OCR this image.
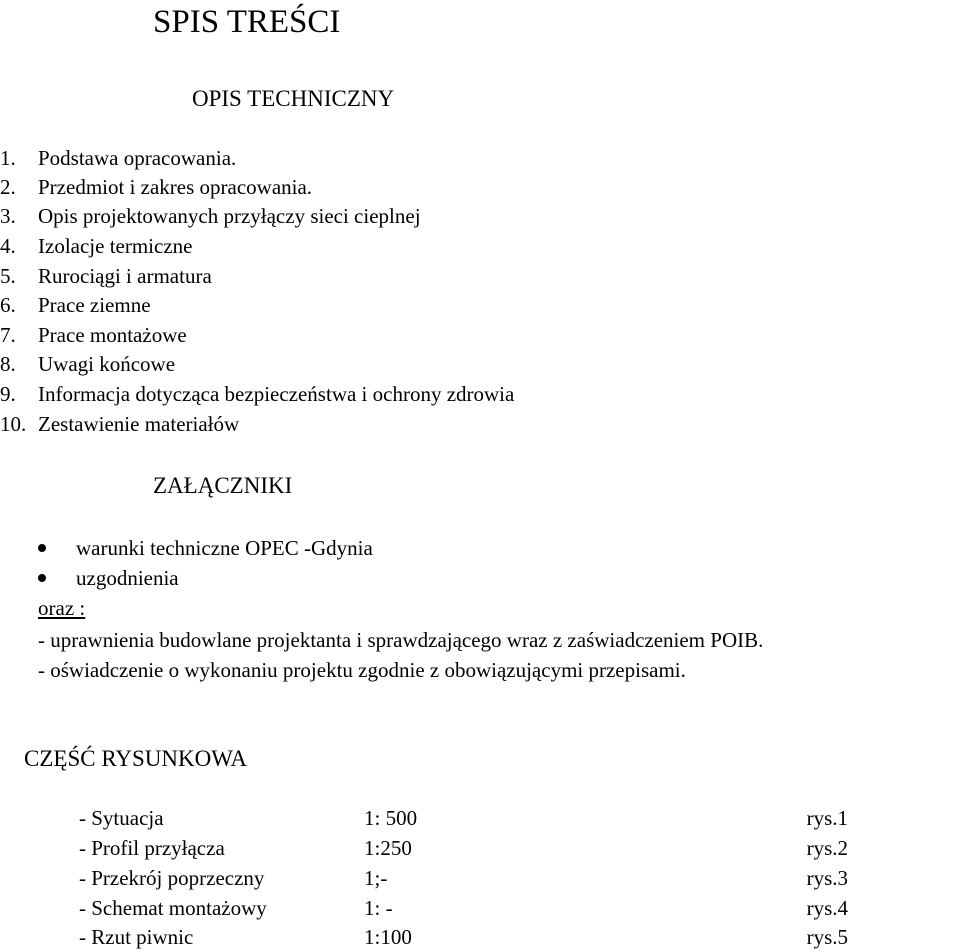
SPIS TREŚCI
OPIS TECHNICZNY
1. Podstawa opracowania.
2. Przedmiot i zakres opracowania.
3. Opis projektowanych przyłączy sieci cieplnej
4. Izolacje termiczne
5. Rurociągi i armatura
6. Prace ziemne
7. Prace montażowe
8. Uwagi końcowe
9. Informacja dotycząca bezpieczeństwa i ochrony zdrowia
10. Zestawienie materiałów
ZAŁĄCZNIKI
warunki techniczne OPEC -Gdynia
uzgodnienia
oraz :
- uprawnienia budowlane projektanta i sprawdzającego wraz z zaświadczeniem POIB.
- oświadczenie o wykonaniu projektu zgodnie z obowiązującymi przepisami.
CZĘŚĆ RYSUNKOWA
- Sytuacja	1: 500	rys.1
- Profil przyłącza	1:250	rys.2
- Przekrój poprzeczny	1;-	rys.3
- Schemat montażowy	1: -	rys.4
- Rzut piwnic	1:100	rys.5
